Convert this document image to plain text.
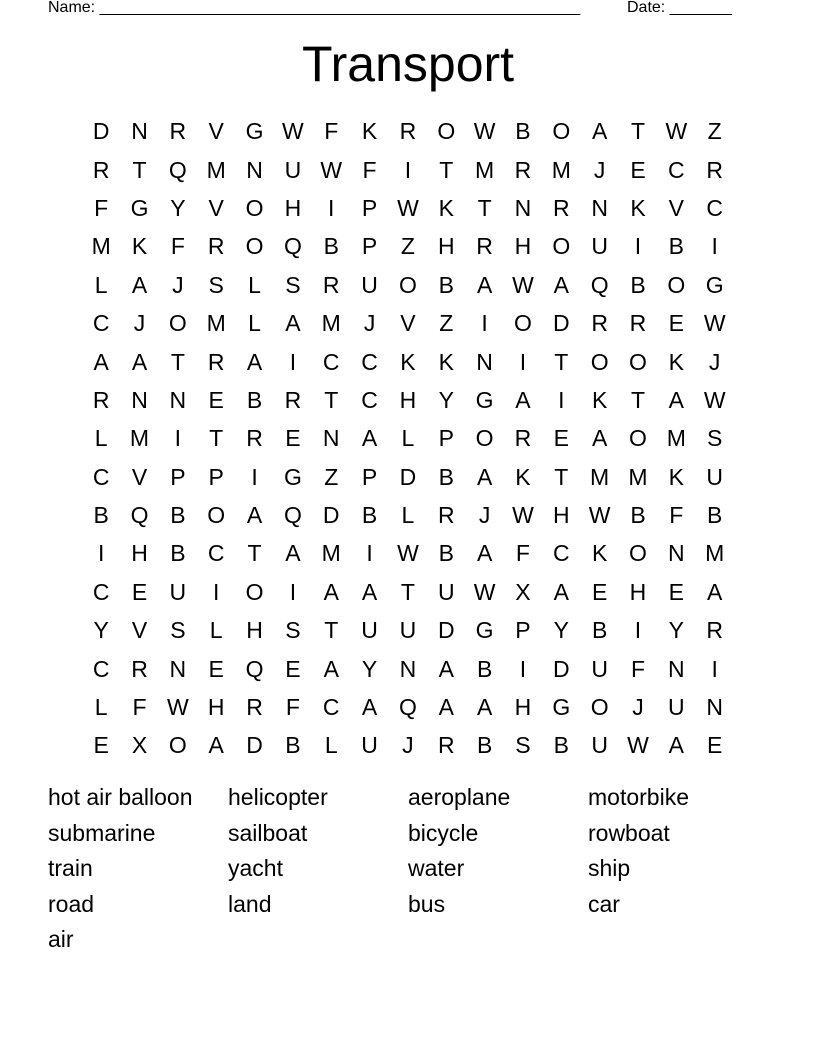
Name: ______________________________________________________	Date: _______
Transport
D N R V G W F	K R O W B O A	T W Z
R	T Q M N U W F	I	T M R M	J	E C R
F G Y	V O H	I	P W K	T	N R N K	V C
M K	F	R O Q B	P	Z	H R H O U	I	B	I
L	A	J	S	L	S R U O B	A W A Q B O G
C	J	O M L	A M	J	V	Z	I	O D R R E W
A	A	T	R A	I	C C K	K N	I	T O O K	J
R N N E	B R	T	C H Y G A	I	K	T	A W
L M	I	T	R E N A	L	P O R E	A O M S
C V	P	P	I	G Z	P D B	A	K	T M M K U
B Q B O A Q D B	L	R	J W H W B	F	B
I	H B C	T	A M	I	W B	A	F	C K O N M
C E U	I	O	I	A	A	T	U W X	A	E H E	A
Y	V	S	L	H S	T	U U D G P	Y	B	I	Y R
C R N E Q E	A	Y N A	B	I	D U	F	N	I
L	F W H R	F	C A Q A	A H G O	J	U N
E	X O A D B	L	U	J	R B	S	B U W A	E
hot air balloon	helicopter	aeroplane	motorbike
submarine	sailboat	bicycle	rowboat
train	yacht	water	ship
road	land	bus	car
air
